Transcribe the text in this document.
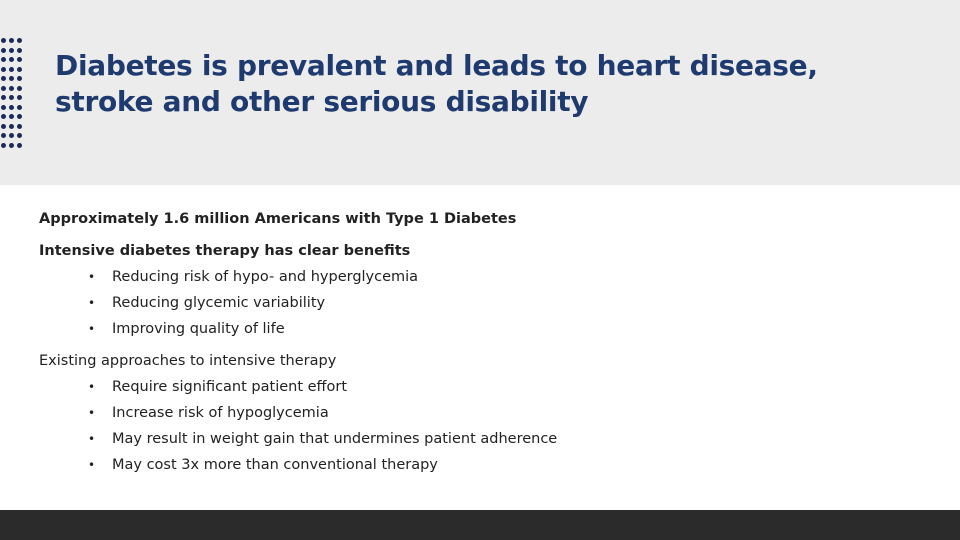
Diabetes is prevalent and leads to heart disease,
stroke and other serious disability
Approximately 1.6 million Americans with Type 1 Diabetes
Intensive diabetes therapy has clear benefits
• Reducing risk of hypo- and hyperglycemia
• Reducing glycemic variability
• Improving quality of life
Existing approaches to intensive therapy
• Require significant patient effort
• Increase risk of hypoglycemia
• May result in weight gain that undermines patient adherence
• May cost 3x more than conventional therapy
